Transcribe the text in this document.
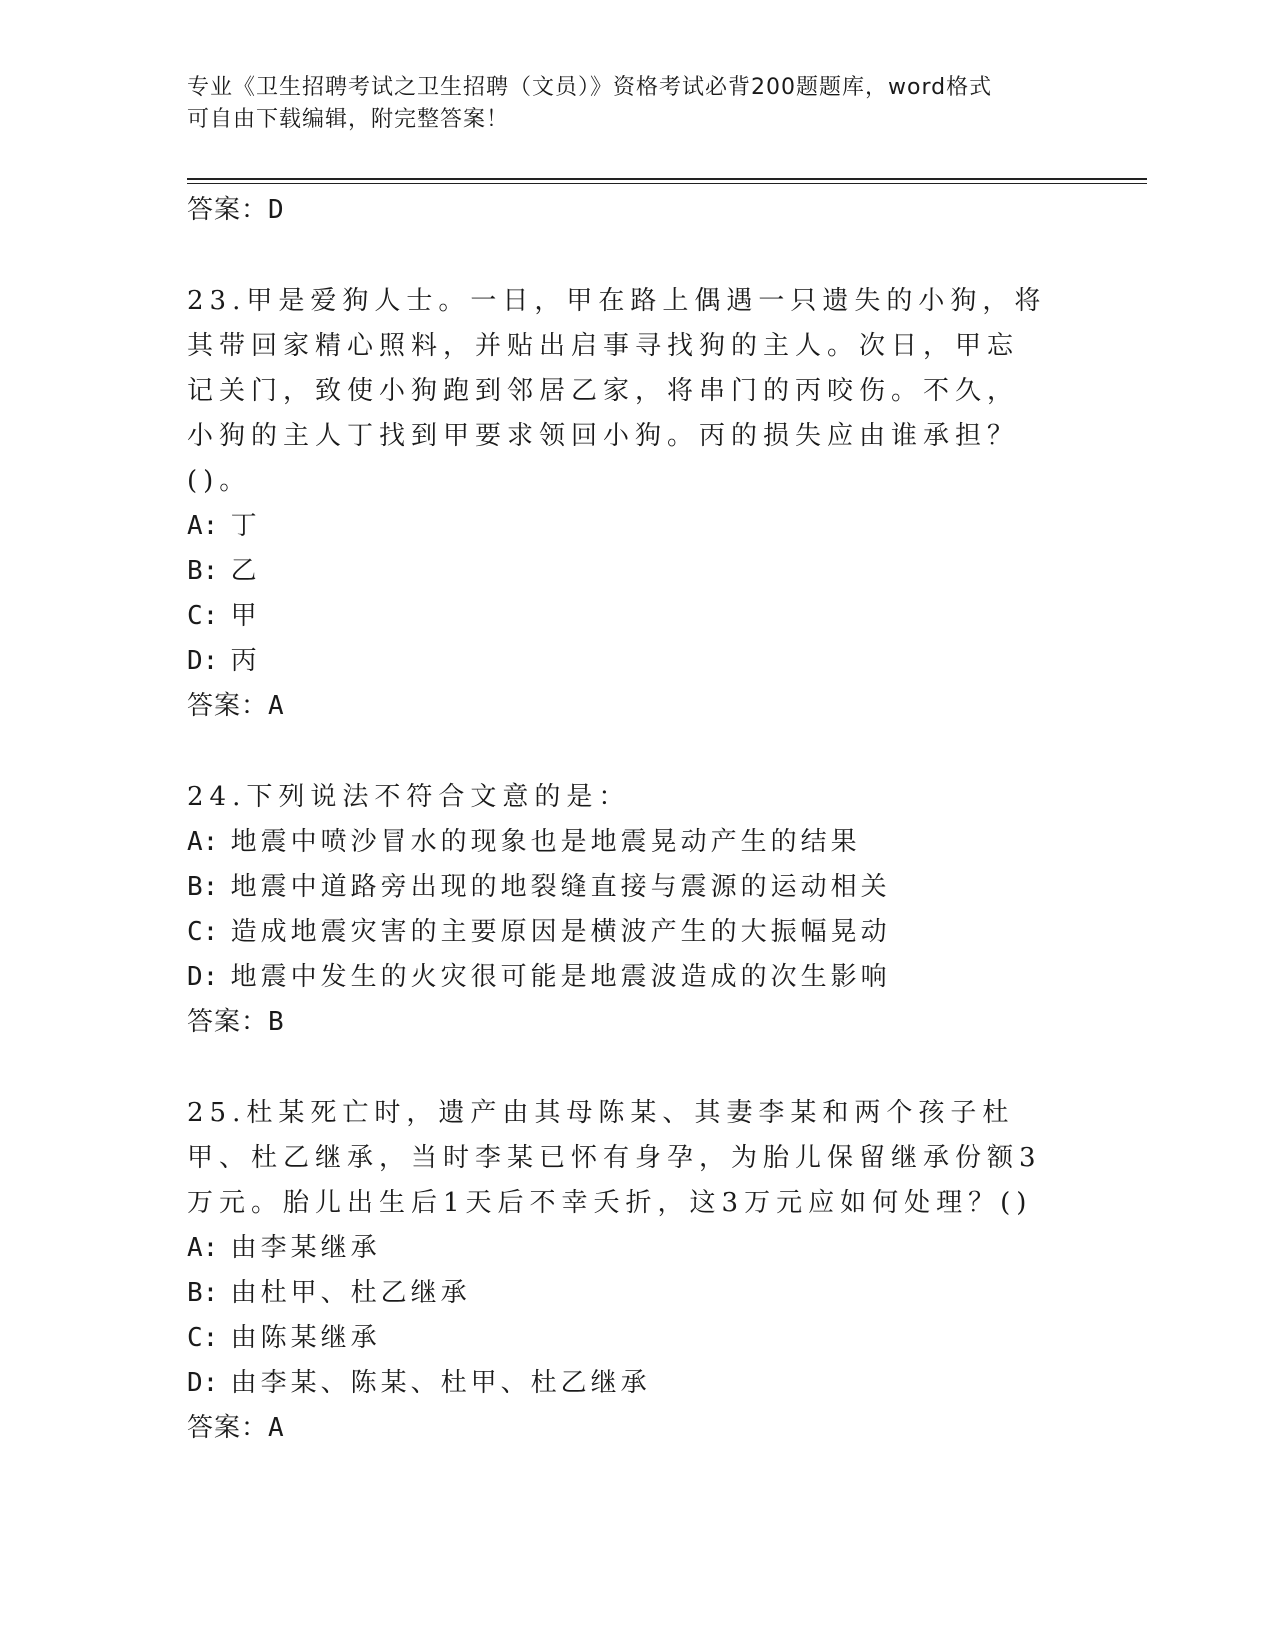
专业《卫生招聘考试之卫生招聘（文员）》资格考试必背200题题库，word格式
可自由下载编辑，附完整答案！
答案：D
23.甲是爱狗人士。一日，甲在路上偶遇一只遗失的小狗，将其带回家精心照料，并贴出启事寻找狗的主人。次日，甲忘记关门，致使小狗跑到邻居乙家，将串门的丙咬伤。不久，小狗的主人丁找到甲要求领回小狗。丙的损失应由谁承担？()。
A: 丁
B: 乙
C: 甲
D: 丙
答案：A
24.下列说法不符合文意的是：
A: 地震中喷沙冒水的现象也是地震晃动产生的结果
B: 地震中道路旁出现的地裂缝直接与震源的运动相关
C: 造成地震灾害的主要原因是横波产生的大振幅晃动
D: 地震中发生的火灾很可能是地震波造成的次生影响
答案：B
25.杜某死亡时，遗产由其母陈某、其妻李某和两个孩子杜甲、杜乙继承，当时李某已怀有身孕，为胎儿保留继承份额3万元。胎儿出生后1天后不幸夭折，这3万元应如何处理？()
A: 由李某继承
B: 由杜甲、杜乙继承
C: 由陈某继承
D: 由李某、陈某、杜甲、杜乙继承
答案：A
